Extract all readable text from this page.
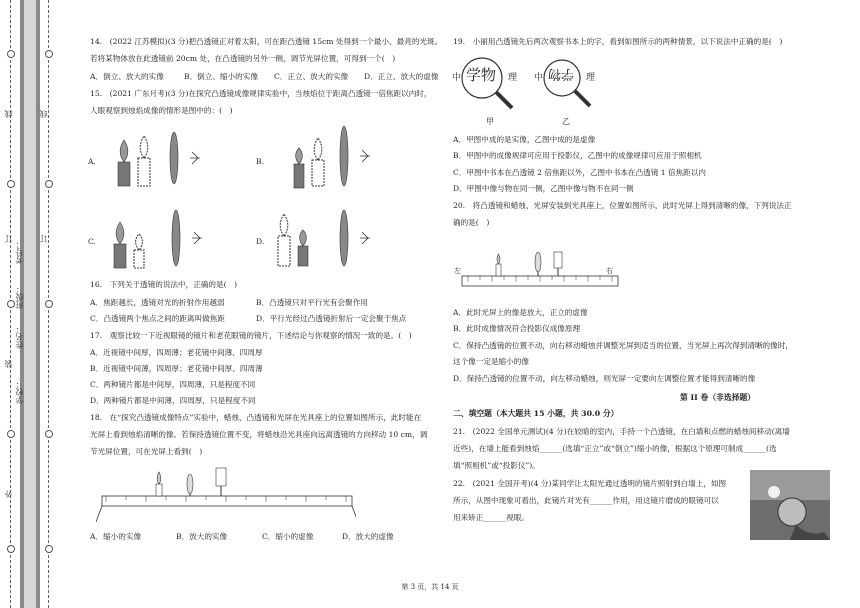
线
订
装
外
学校：
姓名：
班级：
考号：
线
订
14.　(2022 江苏模拟)(3 分)把凸透镜正对着太阳，可在距凸透镜 15cm 处得到一个最小、最亮的光斑。
若将某物体放在此透镜前 20cm 处，在凸透镜的另外一侧，调节光屏位置，可得到一个(　)
A．倒立、放大的实像	B．倒立、缩小的实像 C．正立、放大的实像 D．正立、放大的虚像
15.　(2021 广东月考)(3 分)在探究凸透镜成像规律实验中，当烛焰位于距离凸透镜一倍焦距以内时，
人眼观察到烛焰成像的情形是图中的：(　)
A.	B.
C.	D.
16.　下列关于透镜的说法中，正确的是(　)
A．焦距越长，透镜对光的折射作用越弱	B．凸透镜只对平行光有会聚作用
C．凸透镜两个焦点之间的距离叫做焦距	D．平行光经过凸透镜折射后一定会聚于焦点
17.　观察比较一下近视眼镜的镜片和老花眼镜的镜片，下述结论与你观察的情况一致的是。(　)
A．近视镜中间厚，四周薄；老花镜中间薄、四周厚
B．近视镜中间薄，四周厚；老花镜中间厚、四周薄
C．两种镜片都是中间厚，四周薄，只是程度不同
D．两种镜片都是中间薄，四周厚，只是程度不同
18.　在“探究凸透镜成像特点”实验中，蜡烛、凸透镜和光屏在光具座上的位置如图所示，此时能在
光屏上看到烛焰清晰的像。若保持透镜位置不变，将蜡烛沿光具座向远离透镜的方向移动 10 cm，调
节光屏位置，可在光屏上看到(　)
A．缩小的实像	B．放大的实像	C．缩小的虚像	D．放大的虚像
19.　小丽用凸透镜先后两次观察书本上的字，看到如图所示的两种情景，以下说法中正确的是(　)
中 学物 理
甲
中 学物 理
乙
A．甲图中成的是实像，乙图中成的是虚像
B．甲图中的成像规律可应用于投影仪，乙图中的成像规律可应用于照相机
C．甲图中书本在凸透镜 2 倍焦距以外，乙图中书本在凸透镜 1 倍焦距以内
D．甲图中像与物在同一侧，乙图中像与物不在同一侧
20.　将凸透镜和蜡烛、光屏安装到光具座上，位置如图所示，此时光屏上得到清晰的像，下列说法正
确的是(　)
左	右
A．此时光屏上的像是放大，正立的虚像
B．此时成像情况符合投影仪成像原理
C．保持凸透镜的位置不动，向右移动蜡烛并调整光屏到适当的位置，当光屏上再次得到清晰的像时，
这个像一定是缩小的像
D．保持凸透镜的位置不动，向左移动蜡烛，则光屏一定要向左调整位置才能得到清晰的像
第 II 卷（非选择题）
二、填空题（本大题共 15 小题，共 30.0 分）
21.　(2022 全国单元测试)(4 分)在较暗的室内，手持一个凸透镜，在白墙和点燃的蜡烛间移动(离墙
近些)，在墙上能看到烛焰______(选填“正立”或“倒立”)缩小的像，根据这个原理可制成______(选
填“照相机”或“投影仪”)。
22.　(2021 全国开考)(4 分)某同学让太阳光通过透明的镜片照射到白墙上，如图
所示，从图中现象可看出，此镜片对光有______作用，用这镜片磨成的眼镜可以
用来矫正______视眼。
第 3 页，共 14 页
